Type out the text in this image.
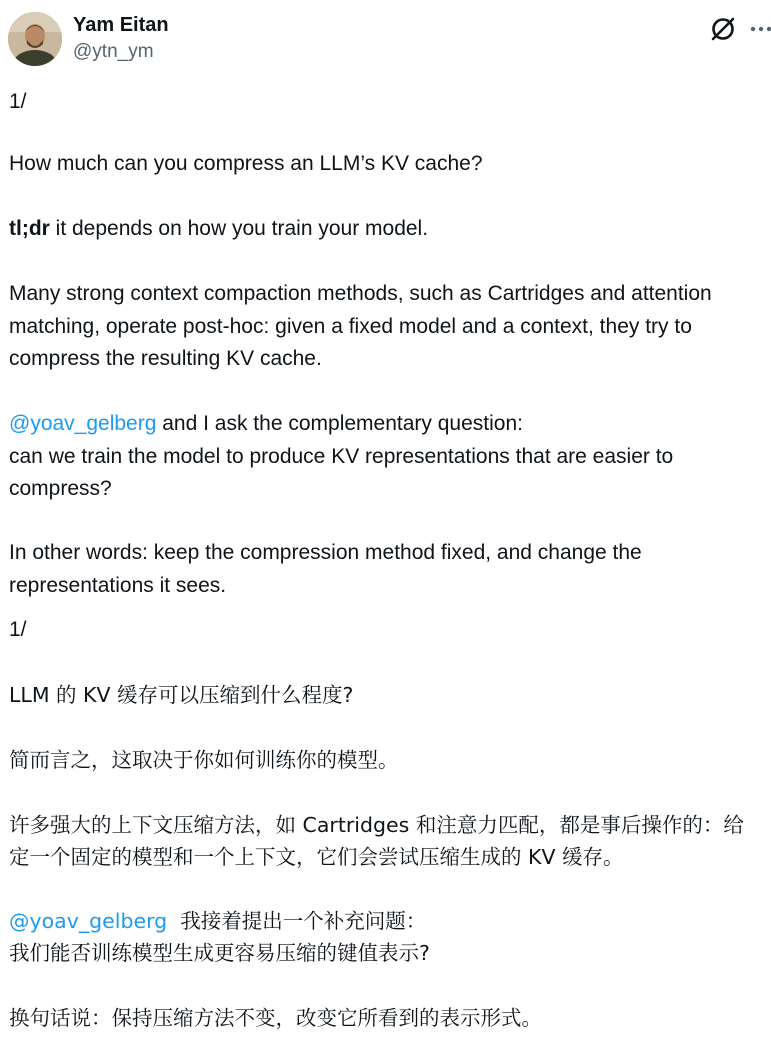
Yam Eitan
@ytn_ym
1/
How much can you compress an LLM’s KV cache?
tl;dr it depends on how you train your model.
Many strong context compaction methods, such as Cartridges and attention matching, operate post-hoc: given a fixed model and a context, they try to compress the resulting KV cache.
@yoav_gelberg and I ask the complementary question:
can we train the model to produce KV representations that are easier to compress?
In other words: keep the compression method fixed, and change the representations it sees.
1/
LLM 的 KV 缓存可以压缩到什么程度?
简而言之，这取决于你如何训练你的模型。
许多强大的上下文压缩方法，如 Cartridges 和注意力匹配，都是事后操作的：给定一个固定的模型和一个上下文，它们会尝试压缩生成的 KV 缓存。
@yoav_gelberg  我接着提出一个补充问题：
我们能否训练模型生成更容易压缩的键值表示?
换句话说：保持压缩方法不变，改变它所看到的表示形式。
